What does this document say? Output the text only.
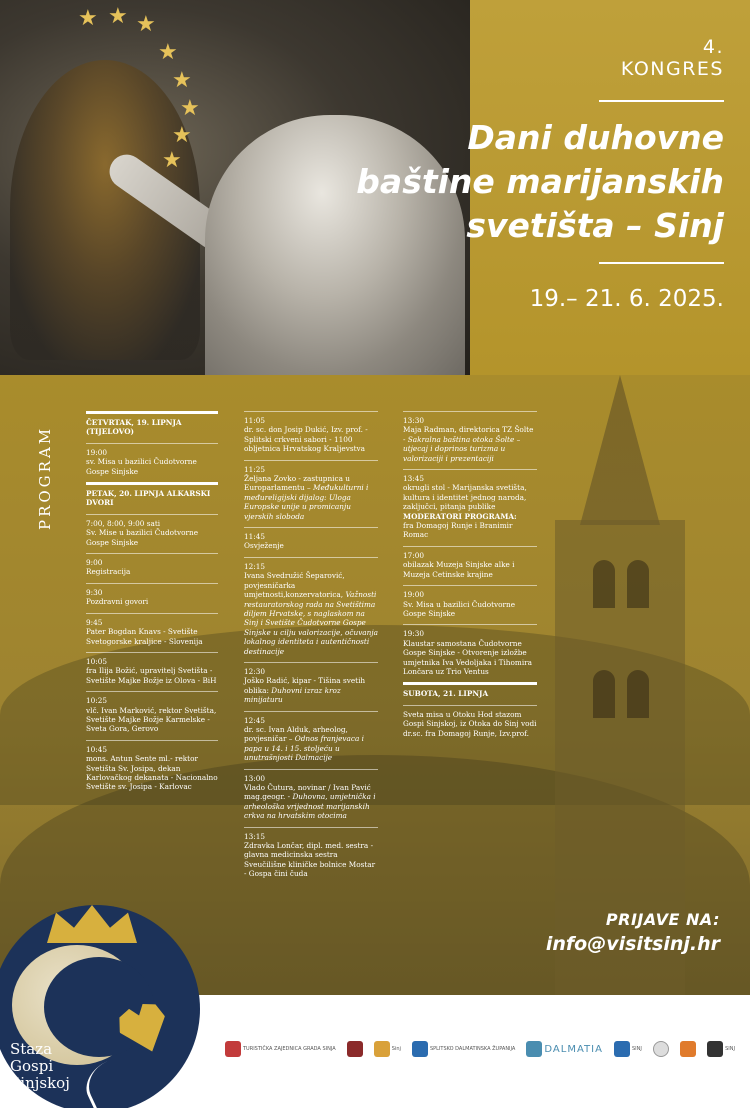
★ ★ ★
★
★
★
★
★
4. KONGRES
Dani duhovne
baštine marijanskih
svetišta – Sinj
19.– 21. 6. 2025.
PROGRAM
ČETVRTAK, 19. LIPNJA (TIJELOVO)
19:00
sv. Misa u bazilici Čudotvorne Gospe Sinjske
PETAK, 20. LIPNJA ALKARSKI DVORI
7:00, 8:00, 9:00 sati
Sv. Mise u bazilici Čudotvorne Gospe Sinjske
9:00
Registracija
9:30
Pozdravni govori
9:45
Pater Bogdan Knavs - Svetište Svetogorske kraljice - Slovenija
10:05
fra Ilija Božić, upravitelj Svetišta - Svetište Majke Božje iz Olova - BiH
10:25
vlč. Ivan Marković, rektor Svetišta, Svetište Majke Božje Karmelske - Sveta Gora, Gerovo
10:45
mons. Antun Sente ml.- rektor Svetišta Sv. Josipa, dekan Karlovačkog dekanata - Nacionalno Svetište sv. Josipa - Karlovac
11:05
dr. sc. don Josip Dukić, Izv. prof. - Splitski crkveni sabori - 1100 obljetnica Hrvatskog Kraljevstva
11:25
Željana Zovko - zastupnica u Europarlamentu – Međukulturni i međureligijski dijalog: Uloga Europske unije u promicanju vjerskih sloboda
11:45
Osvježenje
12:15
Ivana Svedružić Šeparović, povjesničarka umjetnosti,konzervatorica, Važnosti restauratorskog rada na Svetištima diljem Hrvatske, s naglaskom na Sinj i Svetište Čudotvorne Gospe Sinjske u cilju valorizacije, očuvanja lokalnog identiteta i autentičnosti destinacije
12:30
Joško Radić, kipar - Tišina svetih oblika: Duhovni izraz kroz minijaturu
12:45
dr. sc. Ivan Alduk, arheolog, povjesničar – Odnos franjevaca i papa u 14. i 15. stoljeću u unutrašnjosti Dalmacije
13:00
Vlado Čutura, novinar / Ivan Pavić mag.geogr. - Duhovna, umjetnička i arheološka vrijednost marijanskih crkva na hrvatskim otocima
13:15
Zdravka Lončar, dipl. med. sestra - glavna medicinska sestra Sveučilišne kliničke bolnice Mostar - Gospa čini čuda
13:30
Maja Radman, direktorica TZ Šolte - Sakralna baština otoka Šolte – utjecaj i doprinos turizma u valorizaciji i prezentaciji
13:45
okrugli stol - Marijanska svetišta, kultura i identitet jednog naroda, zaključci, pitanja publike
MODERATORI PROGRAMA:
fra Domagoj Runje i Branimir Romac
17:00
obilazak Muzeja Sinjske alke i Muzeja Cetinske krajine
19:00
Sv. Misa u bazilici Čudotvorne Gospe Sinjske
19:30
Klaustar samostana Čudotvorne Gospe Sinjske - Otvorenje izložbe umjetnika Iva Vedoljaka i Tihomira Lončara uz Trio Ventus
SUBOTA, 21. LIPNJA
Sveta misa u Otoku Hod stazom Gospi Sinjskoj, iz Otoka do Sinj vodi dr.sc. fra Domagoj Runje, Izv.prof.
PRIJAVE NA:
info@visitsinj.hr
TURISTIČKA ZAJEDNICA GRADA SINJA	Sinj	SPLITSKO DALMATINSKA ŽUPANIJA	DALMATIA	SINJ	SINJ
Staza
Gospi
Sinjskoj
